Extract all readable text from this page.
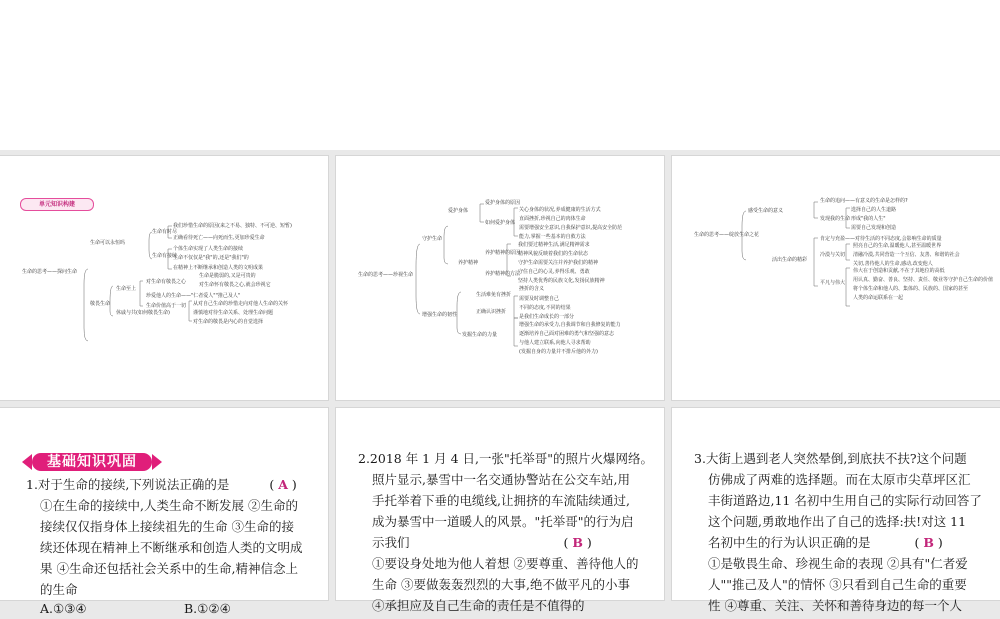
单元知识构建
生命的思考——探问生命
生命可以永恒吗
生命有时尽
我们珍惜生命的原因(来之不易、独特、不可逆、短暂)
正确看待死亡——向死而生,更加珍爱生命
生命有接续
个体生命实现了人类生命的接续
生命不仅仅是"我"的,还是"我们"的
在精神上不断继承和创造人类的文明成果
敬畏生命
生命至上
对生命有敬畏之心
生命是脆弱的,又是可贵的
对生命怀有敬畏之心,就会珍视它
珍爱他人的生命——"仁者爱人""推己及人"
生命价值高于一切
休戚与共(如何敬畏生命)
从对自己生命的珍惜走向对他人生命的关怀
谨慎地对待生命关系、处理生命问题
对生命的敬畏是内心的自觉选择
生命的思考——珍视生命
守护生命
爱护身体
爱护身体的原因
如何爱护身体
关心身体的状况,养成健康的生活方式
直面挫折,珍视自己的肉体生命
需要增强安全意识,自我保护意识,提高安全防范
能力,掌握一些基本的自救方法
养护精神
养护精神的原因
我们要过精神生活,满足精神需求
精神风貌反映着我们的生命状态
守护生命需要关注并养护我们的精神
养护精神的方法
守住自己的心灵,养得乐观、勇敢
坚持人类优秀的民族文化,发扬民族精神
增强生命的韧性
生活难免有挫折
挫折的含义
正确认识挫折
需要及时调整自己
不同的态度,不同的结果
是我们生命成长的一部分
发掘生命的力量
增强生命的承受力,自我调节和自我修复的能力
逐渐培养自己面对困难的勇气和坚强的意志
与他人建立联系,向他人寻求帮助
(发掘自身的力量并不排斥他的外力)
生命的思考——绽放生命之花
感受生命的意义
生命的追问——有意义的生命是怎样的?
发现我的生命
选择自己的人生道路
形成"我的人生"
需要自己发现和创造
活出生命的精彩
肯定与充盈——对待生活的不同态度,会影响生命的质量
冷漠与关切
照亮自己的生命,温暖他人,甚至温暖世界
清融冷漠,共同营造一个互信、友善、和谐的社会
关切,善待他人的生命,感动,改变他人
平凡与伟大
伟大在于创造和贡献,不在于其地位的高低
用认真、勤奋、善良、坚持、责任、敬业等守护自己生命的价值
将个体生命和他人的、集体的、民族的、国家的甚至
人类的命运联系在一起
基础知识巩固
1.对于生命的接续,下列说法正确的是	( A )
①在生命的接续中,人类生命不断发展 ②生命的
接续仅仅指身体上接续祖先的生命 ③生命的接
续还体现在精神上不断继承和创造人类的文明成
果 ④生命还包括社会关系中的生命,精神信念上
的生命
A.①③④	B.①②④
2.2018 年 1 月 4 日,一张"托举哥"的照片火爆网络。
照片显示,暴雪中一名交通协警站在公交车站,用
手托举着下垂的电缆线,让拥挤的车流陆续通过,
成为暴雪中一道暖人的风景。"托举哥"的行为启
示我们	( B )
①要设身处地为他人着想 ②要尊重、善待他人的
生命 ③要做轰轰烈烈的大事,绝不做平凡的小事
④承担应及自己生命的责任是不值得的
3.大街上遇到老人突然晕倒,到底扶不扶?这个问题
仿佛成了两难的选择题。而在太原市尖草坪区汇
丰街道路边,11 名初中生用自己的实际行动回答了
这个问题,勇敢地作出了自己的选择:扶!对这 11
名初中生的行为认识正确的是	( B )
①是敬畏生命、珍视生命的表现 ②具有"仁者爱
人""推己及人"的情怀 ③只看到自己生命的重要
性 ④尊重、关注、关怀和善待身边的每一个人
